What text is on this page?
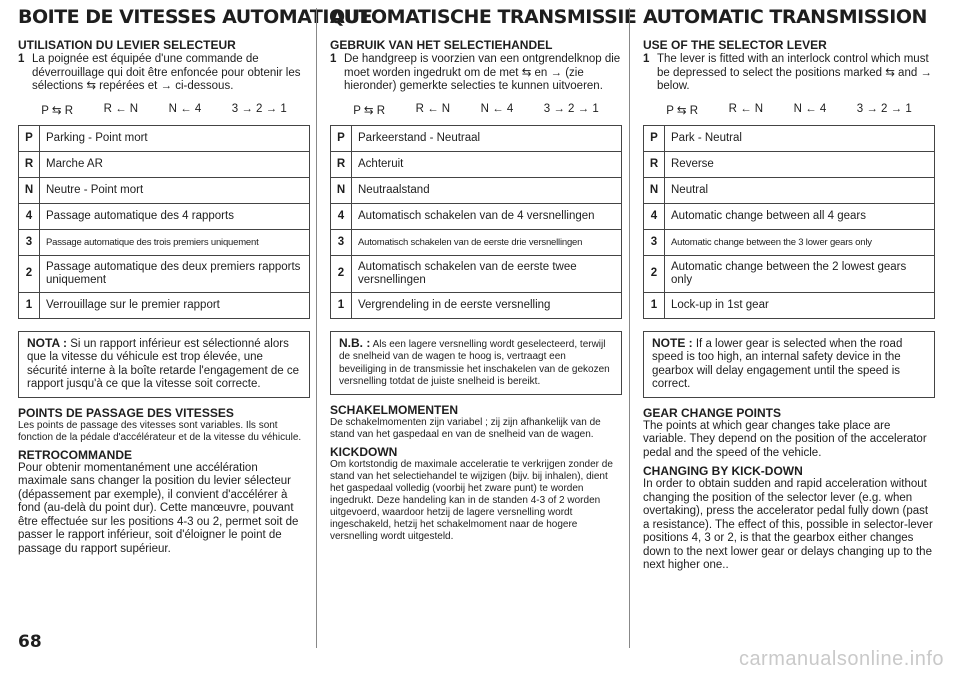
BOITE DE VITESSES AUTOMATIQUE
UTILISATION DU LEVIER SELECTEUR
1 La poignée est équipée d'une commande de déverrouillage qui doit être enfoncée pour obtenir les sélections ⇆ repérées et → ci-dessous.
P ⇆ R	R ← N	N ← 4	3 → 2 → 1
P	Parking - Point mort
R	Marche AR
N	Neutre - Point mort
4	Passage automatique des 4 rapports
3	Passage automatique des trois premiers uniquement
2	Passage automatique des deux premiers rapports uniquement
1	Verrouillage sur le premier rapport
NOTA : Si un rapport inférieur est sélectionné alors que la vitesse du véhicule est trop élevée, une sécurité interne à la boîte retarde l'engagement de ce rapport jusqu'à ce que la vitesse soit correcte.
POINTS DE PASSAGE DES VITESSES

Les points de passage des vitesses sont variables. Ils sont fonction de la pédale d'accélérateur et de la vitesse du véhicule.

RETROCOMMANDE

Pour obtenir momentanément une accélération maximale sans changer la position du levier sélecteur (dépassement par exemple), il convient d'accélérer à fond (au-delà du point dur). Cette manœuvre, pouvant être effectuée sur les positions 4-3 ou 2, permet soit de passer le rapport inférieur, soit d'éloigner le point de passage du rapport supérieur.

AUTOMATISCHE TRANSMISSIE
GEBRUIK VAN HET SELECTIEHANDEL
1 De handgreep is voorzien van een ontgrendelknop die moet worden ingedrukt om de met ⇆ en → (zie hieronder) gemerkte selecties te kunnen uitvoeren.
P ⇆ R	R ← N	N ← 4	3 → 2 → 1
P	Parkeerstand - Neutraal
R	Achteruit
N	Neutraalstand
4	Automatisch schakelen van de 4 versnellingen
3	Automatisch schakelen van de eerste drie versnellingen
2	Automatisch schakelen van de eerste twee versnellingen
1	Vergrendeling in de eerste versnelling
N.B. : Als een lagere versnelling wordt geselecteerd, terwijl de snelheid van de wagen te hoog is, vertraagt een beveiliging in de transmissie het inschakelen van de gekozen versnelling totdat de juiste snelheid is bereikt.
SCHAKELMOMENTEN

De schakelmomenten zijn variabel ; zij zijn afhankelijk van de stand van het gaspedaal en van de snelheid van de wagen.

KICKDOWN

Om kortstondig de maximale acceleratie te verkrijgen zonder de stand van het selectiehandel te wijzigen (bijv. bij inhalen), dient het gaspedaal volledig (voorbij het zware punt) te worden ingedrukt. Deze handeling kan in de standen 4-3 of 2 worden uitgevoerd, waardoor hetzij de lagere versnelling wordt ingeschakeld, hetzij het schakelmoment naar de hogere versnelling wordt uitgesteld.

AUTOMATIC TRANSMISSION
USE OF THE SELECTOR LEVER
1 The lever is fitted with an interlock control which must be depressed to select the positions marked ⇆ and → below.
P ⇆ R	R ← N	N ← 4	3 → 2 → 1
P	Park - Neutral
R	Reverse
N	Neutral
4	Automatic change between all 4 gears
3	Automatic change between the 3 lower gears only
2	Automatic change between the 2 lowest gears only
1	Lock-up in 1st gear
NOTE : If a lower gear is selected when the road speed is too high, an internal safety device in the gearbox will delay engagement until the speed is correct.
GEAR CHANGE POINTS

The points at which gear changes take place are variable. They depend on the position of the accelerator pedal and the speed of the vehicle.

CHANGING BY KICK-DOWN

In order to obtain sudden and rapid acceleration without changing the position of the selector lever (e.g. when overtaking), press the accelerator pedal fully down (past a resistance). The effect of this, possible in selector-lever positions 4, 3 or 2, is that the gearbox either changes down to the next lower gear or delays changing up to the next higher one..

68
carmanualsonline.info
